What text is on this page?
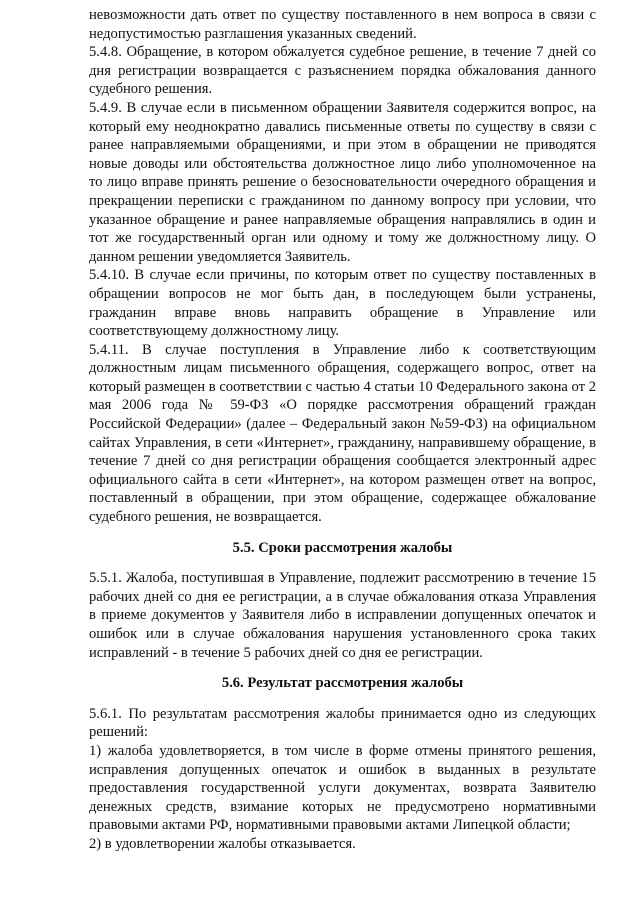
невозможности дать ответ по существу поставленного в нем вопроса в связи с недопустимостью разглашения указанных сведений.

5.4.8. Обращение, в котором обжалуется судебное решение, в течение 7 дней со дня регистрации возвращается с разъяснением порядка обжалования данного судебного решения.

5.4.9. В случае если в письменном обращении Заявителя содержится вопрос, на который ему неоднократно давались письменные ответы по существу в связи с ранее направляемыми обращениями, и при этом в обращении не приводятся новые доводы или обстоятельства должностное лицо либо уполномоченное на то лицо вправе принять решение о безосновательности очередного обращения и прекращении переписки с гражданином по данному вопросу при условии, что указанное обращение и ранее направляемые обращения направлялись в один и тот же государственный орган или одному и тому же должностному лицу. О данном решении уведомляется Заявитель.

5.4.10. В случае если причины, по которым ответ по существу поставленных в обращении вопросов не мог быть дан, в последующем были устранены, гражданин вправе вновь направить обращение в Управление или соответствующему должностному лицу.

5.4.11. В случае поступления в Управление либо к соответствующим должностным лицам письменного обращения, содержащего вопрос, ответ на который размещен в соответствии с частью 4 статьи 10 Федерального закона от 2 мая 2006 года № 59-ФЗ «О порядке рассмотрения обращений граждан Российской Федерации» (далее – Федеральный закон №59-ФЗ) на официальном сайтах Управления, в сети «Интернет», гражданину, направившему обращение, в течение 7 дней со дня регистрации обращения сообщается электронный адрес официального сайта в сети «Интернет», на котором размещен ответ на вопрос, поставленный в обращении, при этом обращение, содержащее обжалование судебного решения, не возвращается.

5.5. Сроки рассмотрения жалобы

5.5.1. Жалоба, поступившая в Управление, подлежит рассмотрению в течение 15 рабочих дней со дня ее регистрации, а в случае обжалования отказа Управления в приеме документов у Заявителя либо в исправлении допущенных опечаток и ошибок или в случае обжалования нарушения установленного срока таких исправлений - в течение 5 рабочих дней со дня ее регистрации.

5.6. Результат рассмотрения жалобы

5.6.1. По результатам рассмотрения жалобы принимается одно из следующих решений:

1) жалоба удовлетворяется, в том числе в форме отмены принятого решения, исправления допущенных опечаток и ошибок в выданных в результате предоставления государственной услуги документах, возврата Заявителю денежных средств, взимание которых не предусмотрено нормативными правовыми актами РФ, нормативными правовыми актами Липецкой области;

2) в удовлетворении жалобы отказывается.
